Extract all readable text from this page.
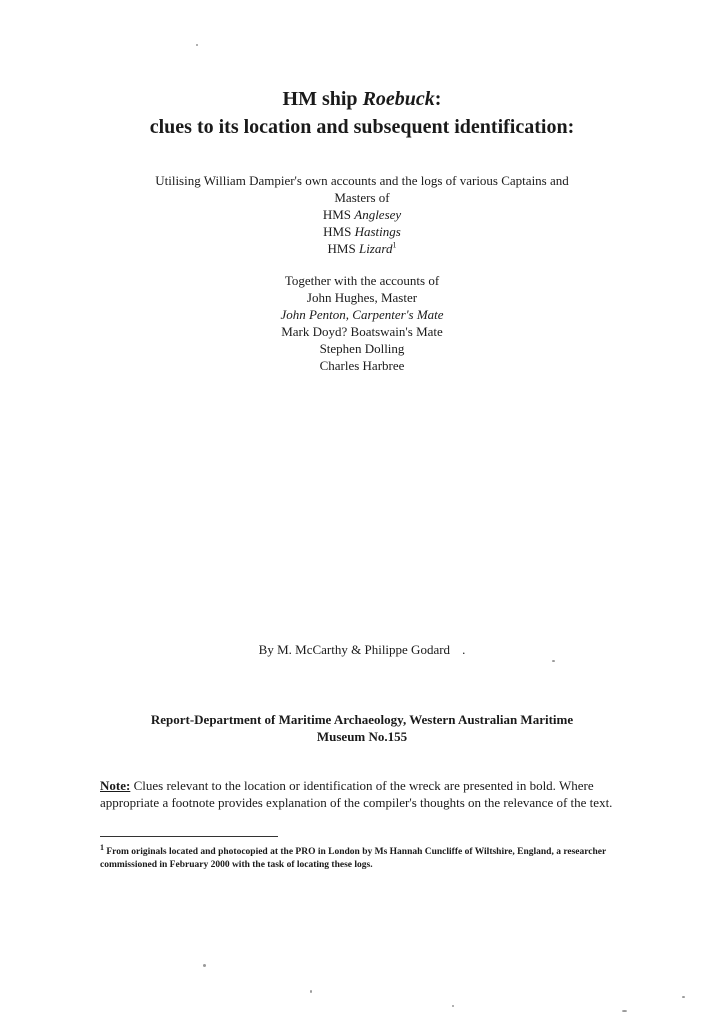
HM ship Roebuck:
clues to its location and subsequent identification:
Utilising William Dampier's own accounts and the logs of various Captains and
Masters of
HMS Anglesey
HMS Hastings
HMS Lizard$^1$
Together with the accounts of
John Hughes, Master
John Penton, Carpenter's Mate
Mark Doyd? Boatswain's Mate
Stephen Dolling
Charles Harbree
By M. McCarthy & Philippe Godard .
Report-Department of Maritime Archaeology, Western Australian Maritime
Museum No.155
Note: Clues relevant to the location or identification of the wreck are presented in bold. Where appropriate a footnote provides explanation of the compiler's thoughts on the relevance of the text.
$^1$ From originals located and photocopied at the PRO in London by Ms Hannah Cuncliffe of Wiltshire, England, a researcher commissioned in February 2000 with the task of locating these logs.
